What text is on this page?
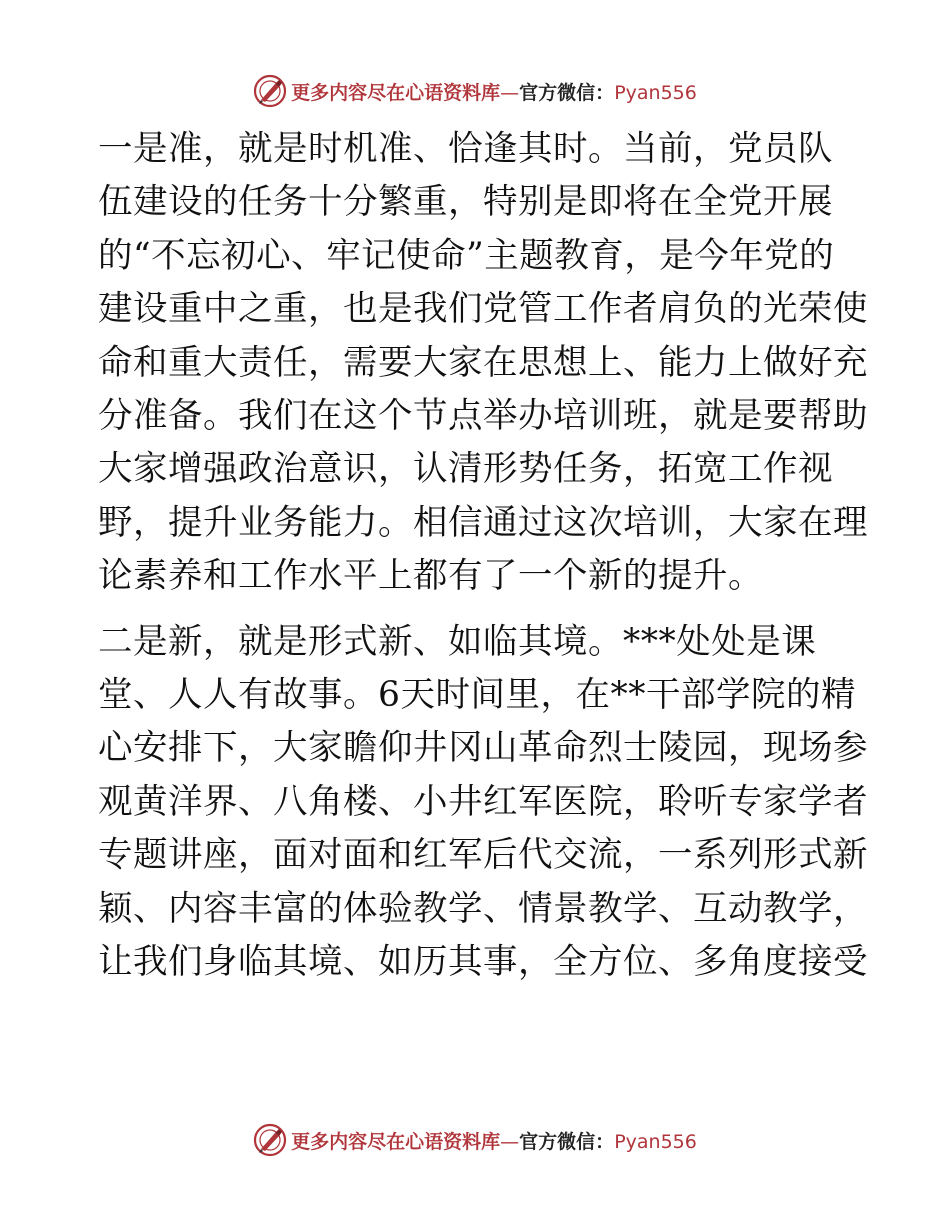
更多内容尽在心语资料库—官方微信：Pyan556
一是准，就是时机准、恰逢其时。当前，党员队
伍建设的任务十分繁重，特别是即将在全党开展
的“不忘初心、牢记使命”主题教育，是今年党的
建设重中之重，也是我们党管工作者肩负的光荣使
命和重大责任，需要大家在思想上、能力上做好充
分准备。我们在这个节点举办培训班，就是要帮助
大家增强政治意识，认清形势任务，拓宽工作视
野，提升业务能力。相信通过这次培训，大家在理
论素养和工作水平上都有了一个新的提升。
二是新，就是形式新、如临其境。***处处是课
堂、人人有故事。6天时间里，在**干部学院的精
心安排下，大家瞻仰井冈山革命烈士陵园，现场参
观黄洋界、八角楼、小井红军医院，聆听专家学者
专题讲座，面对面和红军后代交流，一系列形式新
颖、内容丰富的体验教学、情景教学、互动教学，
让我们身临其境、如历其事，全方位、多角度接受
更多内容尽在心语资料库—官方微信：Pyan556
